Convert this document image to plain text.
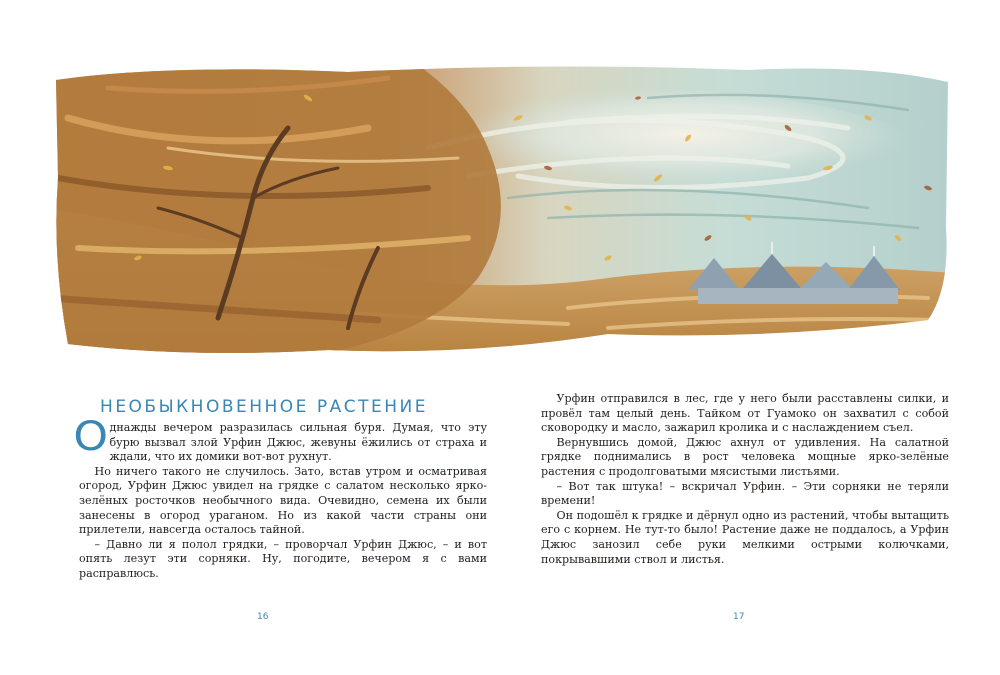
НЕОБЫКНОВЕННОЕ РАСТЕНИЕ

Однажды вечером разразилась сильная буря. Думая, что эту бурю вызвал злой Урфин Джюс, жевуны ёжились от страха и ждали, что их домики вот-вот рухнут.

Но ничего такого не случилось. Зато, встав утром и осматривая огород, Урфин Джюс увидел на грядке с салатом несколько ярко-зелёных росточков необычного вида. Очевидно, семена их были занесены в огород ураганом. Но из какой части страны они прилетели, навсегда осталось тайной.

– Давно ли я полол грядки, – проворчал Урфин Джюс, – и вот опять лезут эти сорняки. Ну, погодите, вечером я с вами расправлюсь.

Урфин отправился в лес, где у него были расставлены силки, и провёл там целый день. Тайком от Гуамоко он захватил с собой сковородку и масло, зажарил кролика и с наслаждением съел.

Вернувшись домой, Джюс ахнул от удивления. На салатной грядке поднимались в рост человека мощные ярко-зелёные растения с продолговатыми мясистыми листьями.

– Вот так штука! – вскричал Урфин. – Эти сорняки не теряли времени!

Он подошёл к грядке и дёрнул одно из растений, чтобы вытащить его с корнем. Не тут-то было! Растение даже не поддалось, а Урфин Джюс занозил себе руки мелкими острыми колючками, покрывавшими ствол и листья.

16	17
